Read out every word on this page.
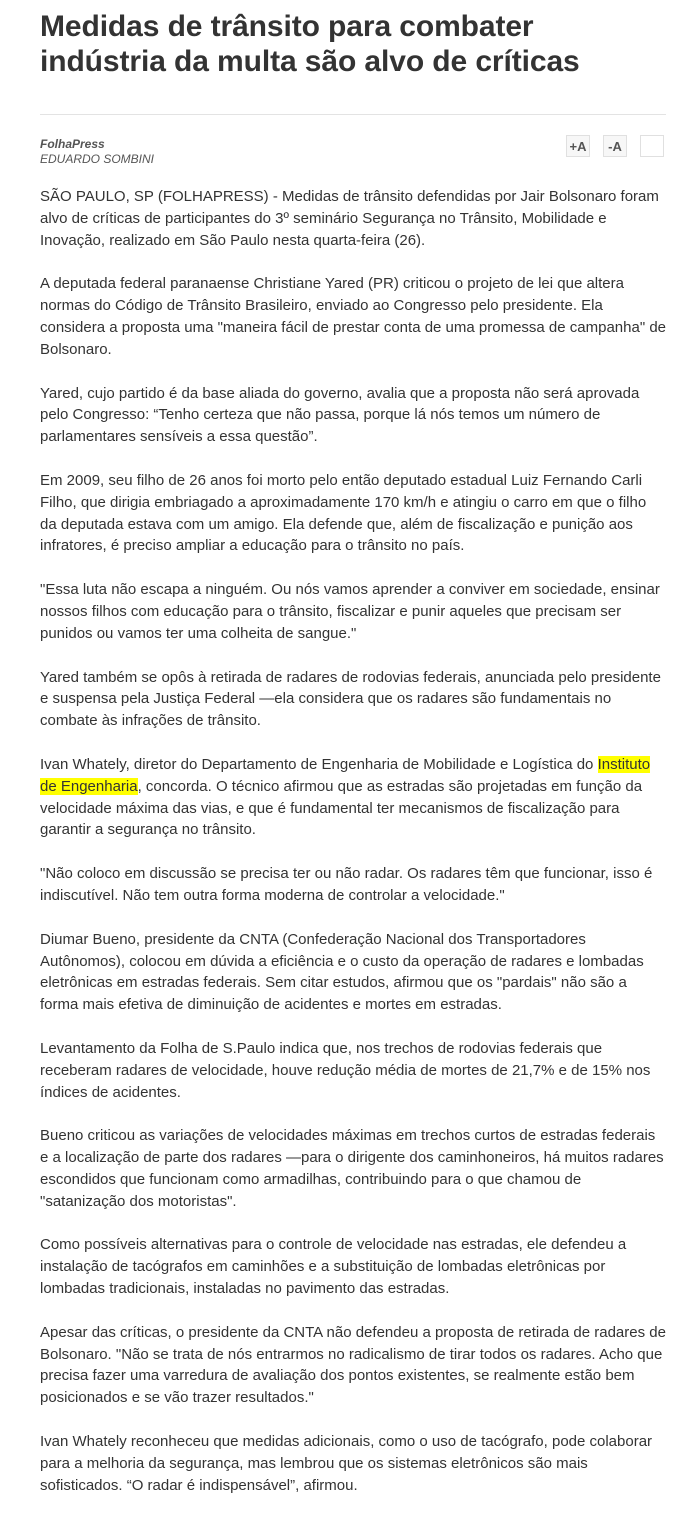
Medidas de trânsito para combater indústria da multa são alvo de críticas
FolhaPress
EDUARDO SOMBINI
+A	-A

SÃO PAULO, SP (FOLHAPRESS) - Medidas de trânsito defendidas por Jair Bolsonaro foram alvo de críticas de participantes do 3º seminário Segurança no Trânsito, Mobilidade e Inovação, realizado em São Paulo nesta quarta-feira (26).

A deputada federal paranaense Christiane Yared (PR) criticou o projeto de lei que altera normas do Código de Trânsito Brasileiro, enviado ao Congresso pelo presidente. Ela considera a proposta uma "maneira fácil de prestar conta de uma promessa de campanha" de Bolsonaro.

Yared, cujo partido é da base aliada do governo, avalia que a proposta não será aprovada pelo Congresso: “Tenho certeza que não passa, porque lá nós temos um número de parlamentares sensíveis a essa questão”.

Em 2009, seu filho de 26 anos foi morto pelo então deputado estadual Luiz Fernando Carli Filho, que dirigia embriagado a aproximadamente 170 km/h e atingiu o carro em que o filho da deputada estava com um amigo. Ela defende que, além de fiscalização e punição aos infratores, é preciso ampliar a educação para o trânsito no país.

"Essa luta não escapa a ninguém. Ou nós vamos aprender a conviver em sociedade, ensinar nossos filhos com educação para o trânsito, fiscalizar e punir aqueles que precisam ser punidos ou vamos ter uma colheita de sangue."

Yared também se opôs à retirada de radares de rodovias federais, anunciada pelo presidente e suspensa pela Justiça Federal —ela considera que os radares são fundamentais no combate às infrações de trânsito.

Ivan Whately, diretor do Departamento de Engenharia de Mobilidade e Logística do Instituto de Engenharia, concorda. O técnico afirmou que as estradas são projetadas em função da velocidade máxima das vias, e que é fundamental ter mecanismos de fiscalização para garantir a segurança no trânsito.

"Não coloco em discussão se precisa ter ou não radar. Os radares têm que funcionar, isso é indiscutível. Não tem outra forma moderna de controlar a velocidade."

Diumar Bueno, presidente da CNTA (Confederação Nacional dos Transportadores Autônomos), colocou em dúvida a eficiência e o custo da operação de radares e lombadas eletrônicas em estradas federais. Sem citar estudos, afirmou que os "pardais" não são a forma mais efetiva de diminuição de acidentes e mortes em estradas.

Levantamento da Folha de S.Paulo indica que, nos trechos de rodovias federais que receberam radares de velocidade, houve redução média de mortes de 21,7% e de 15% nos índices de acidentes.

Bueno criticou as variações de velocidades máximas em trechos curtos de estradas federais e a localização de parte dos radares —para o dirigente dos caminhoneiros, há muitos radares escondidos que funcionam como armadilhas, contribuindo para o que chamou de "satanização dos motoristas".

Como possíveis alternativas para o controle de velocidade nas estradas, ele defendeu a instalação de tacógrafos em caminhões e a substituição de lombadas eletrônicas por lombadas tradicionais, instaladas no pavimento das estradas.

Apesar das críticas, o presidente da CNTA não defendeu a proposta de retirada de radares de Bolsonaro. "Não se trata de nós entrarmos no radicalismo de tirar todos os radares. Acho que precisa fazer uma varredura de avaliação dos pontos existentes, se realmente estão bem posicionados e se vão trazer resultados."

Ivan Whately reconheceu que medidas adicionais, como o uso de tacógrafo, pode colaborar para a melhoria da segurança, mas lembrou que os sistemas eletrônicos são mais sofisticados. “O radar é indispensável”, afirmou.
